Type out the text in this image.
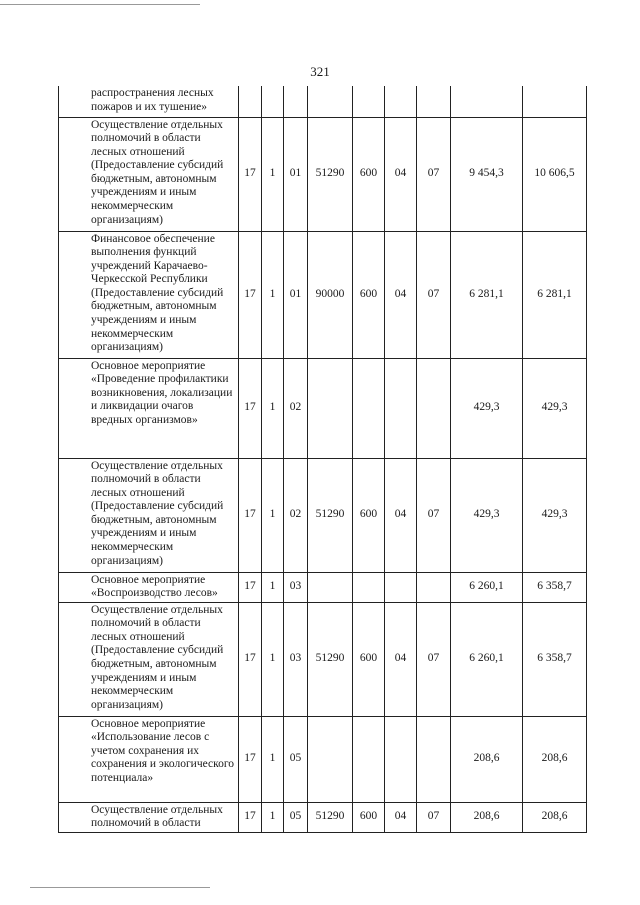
321
распространения лесных пожаров и их тушение»									
Осуществление отдельных полномочий в области лесных отношений (Предоставление субсидий бюджетным, автономным учреждениям и иным некоммерческим организациям)	17	1	01	51290	600	04	07	9 454,3	10 606,5
Финансовое обеспечение выполнения функций учреждений Карачаево-Черкесской Республики (Предоставление субсидий бюджетным, автономным учреждениям и иным некоммерческим организациям)	17	1	01	90000	600	04	07	6 281,1	6 281,1
Основное мероприятие «Проведение профилактики возникновения, локализации и ликвидации очагов вредных организмов»	17	1	02					429,3	429,3
Осуществление отдельных полномочий в области лесных отношений (Предоставление субсидий бюджетным, автономным учреждениям и иным некоммерческим организациям)	17	1	02	51290	600	04	07	429,3	429,3
Основное мероприятие «Воспроизводство лесов»	17	1	03					6 260,1	6 358,7
Осуществление отдельных полномочий в области лесных отношений (Предоставление субсидий бюджетным, автономным учреждениям и иным некоммерческим организациям)	17	1	03	51290	600	04	07	6 260,1	6 358,7
Основное мероприятие «Использование лесов с учетом сохранения их сохранения и экологического потенциала»	17	1	05					208,6	208,6
Осуществление отдельных полномочий в области	17	1	05	51290	600	04	07	208,6	208,6
